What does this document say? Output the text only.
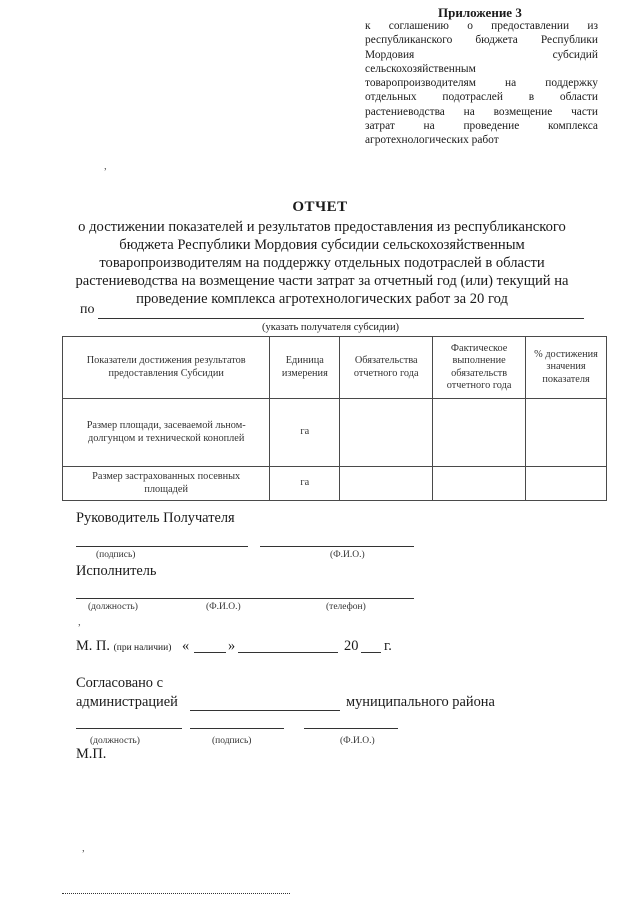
Приложение 3
к соглашению о предоставлении из
республиканского бюджета Республики
Мордовия субсидий
сельскохозяйственным
товаропроизводителям на поддержку
отдельных подотраслей в области
растениеводства на возмещение части
затрат на проведение комплекса
агротехнологических работ
,
ОТЧЕТ
о достижении показателей и результатов предоставления из республиканского
бюджета Республики Мордовия субсидии сельскохозяйственным
товаропроизводителям на поддержку отдельных подотраслей в области
растениеводства на возмещение части затрат за отчетный год (или) текущий на
проведение комплекса агротехнологических работ за 20 год
по
(указать получателя субсидии)
Показатели достижения результатов предоставления Субсидии	Единица измерения	Обязательства отчетного года	Фактическое выполнение обязательств отчетного года	% достижения значения показателя
Размер площади, засеваемой льном-долгунцом и технической коноплей	га			
Размер застрахованных посевных площадей	га			
Руководитель Получателя
(подпись)	(Ф.И.О.)
Исполнитель
(должность)	(Ф.И.О.)	(телефон)
,
М. П. (при наличии) «	»	20 г.
Согласовано с
администрацией	муниципального района
(должность)	(подпись)	(Ф.И.О.)
М.П.
,
